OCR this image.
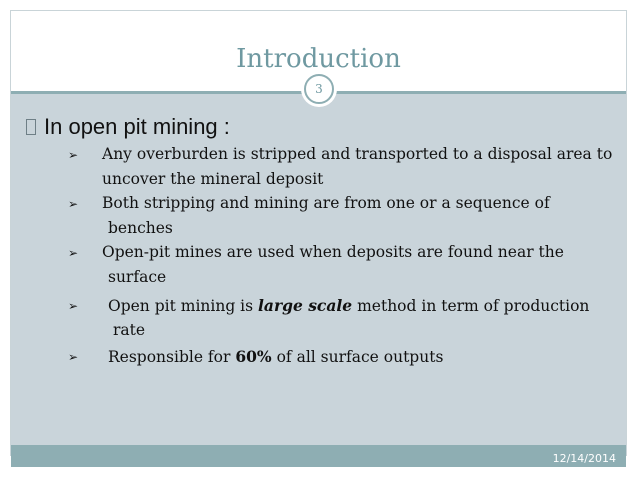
Introduction
3
In open pit mining :
➢ Any overburden is stripped and transported to a disposal area to
uncover the mineral deposit
➢ Both stripping and mining are from one or a sequence of
benches
➢ Open-pit mines are used when deposits are found near the
surface
➢ Open pit mining is large scale method in term of production
rate
➢ Responsible for 60% of all surface outputs
12/14/2014
